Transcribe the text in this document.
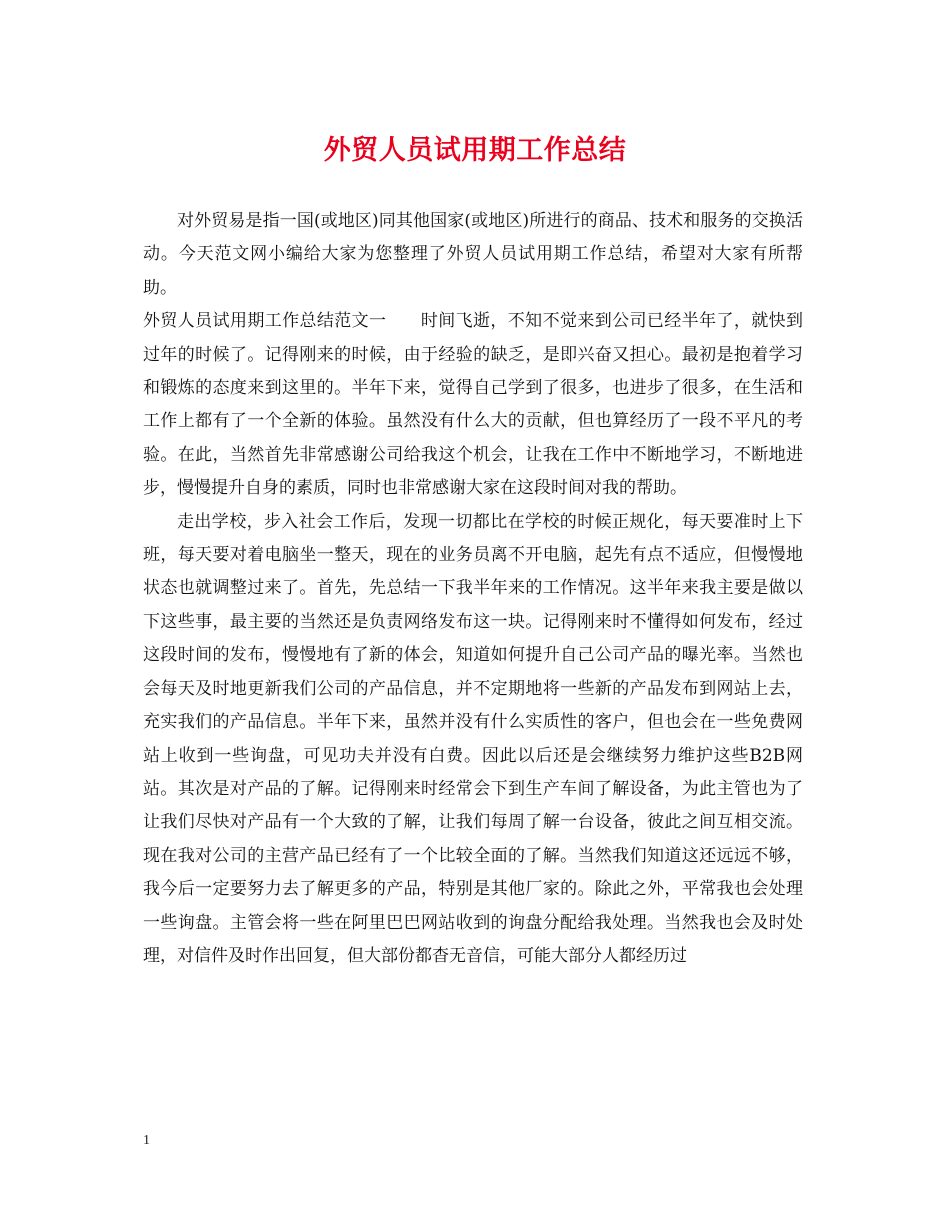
外贸人员试用期工作总结

对外贸易是指一国(或地区)同其他国家(或地区)所进行的商品、技术和服务的交换活动。今天范文网小编给大家为您整理了外贸人员试用期工作总结，希望对大家有所帮助。

外贸人员试用期工作总结范文一 时间飞逝，不知不觉来到公司已经半年了，就快到过年的时候了。记得刚来的时候，由于经验的缺乏，是即兴奋又担心。最初是抱着学习和锻炼的态度来到这里的。半年下来，觉得自己学到了很多，也进步了很多，在生活和工作上都有了一个全新的体验。虽然没有什么大的贡献，但也算经历了一段不平凡的考验。在此，当然首先非常感谢公司给我这个机会，让我在工作中不断地学习，不断地进步，慢慢提升自身的素质，同时也非常感谢大家在这段时间对我的帮助。

走出学校，步入社会工作后，发现一切都比在学校的时候正规化，每天要准时上下班，每天要对着电脑坐一整天，现在的业务员离不开电脑，起先有点不适应，但慢慢地状态也就调整过来了。首先，先总结一下我半年来的工作情况。这半年来我主要是做以下这些事，最主要的当然还是负责网络发布这一块。记得刚来时不懂得如何发布，经过这段时间的发布，慢慢地有了新的体会，知道如何提升自己公司产品的曝光率。当然也会每天及时地更新我们公司的产品信息，并不定期地将一些新的产品发布到网站上去，充实我们的产品信息。半年下来，虽然并没有什么实质性的客户，但也会在一些免费网站上收到一些询盘，可见功夫并没有白费。因此以后还是会继续努力维护这些B2B网站。其次是对产品的了解。记得刚来时经常会下到生产车间了解设备，为此主管也为了让我们尽快对产品有一个大致的了解，让我们每周了解一台设备，彼此之间互相交流。现在我对公司的主营产品已经有了一个比较全面的了解。当然我们知道这还远远不够，我今后一定要努力去了解更多的产品，特别是其他厂家的。除此之外，平常我也会处理一些询盘。主管会将一些在阿里巴巴网站收到的询盘分配给我处理。当然我也会及时处理，对信件及时作出回复，但大部份都杳无音信，可能大部分人都经历过

1
